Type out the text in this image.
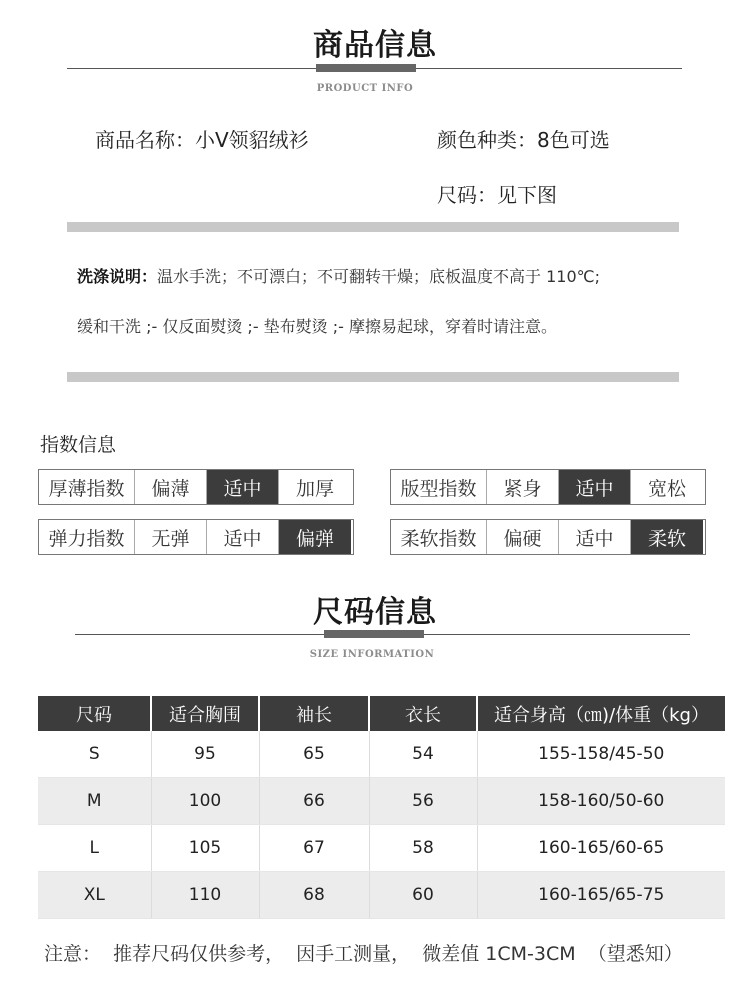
商品信息
PRODUCT INFO
商品名称：小V领貂绒衫	颜色种类：8色可选
尺码：见下图
洗涤说明：温水手洗；不可漂白；不可翻转干燥；底板温度不高于 110℃;
缓和干洗 ;- 仅反面熨烫 ;- 垫布熨烫 ;- 摩擦易起球，穿着时请注意。
指数信息
厚薄指数	偏薄	适中	加厚	版型指数	紧身	适中	宽松
弹力指数	无弹	适中	偏弹	柔软指数	偏硬	适中	柔软
尺码信息
SIZE INFORMATION
尺码	适合胸围	袖长	衣长	适合身高（㎝)/体重（kg）
S	95	65	54	155-158/45-50
M	100	66	56	158-160/50-60
L	105	67	58	160-165/60-65
XL	110	68	60	160-165/65-75
注意：  推荐尺码仅供参考，  因手工测量，  微差值 1CM-3CM  （望悉知）
